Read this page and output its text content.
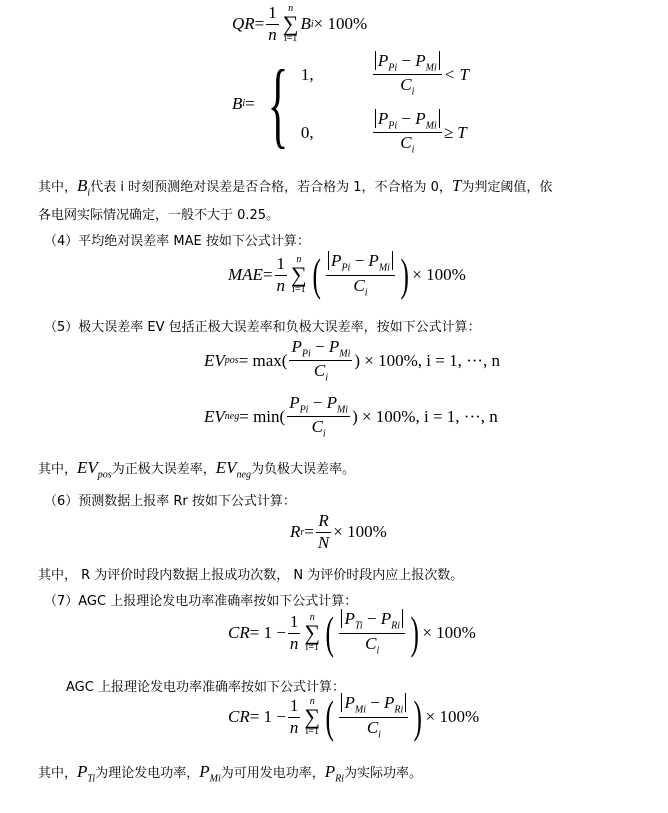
QR = $\frac{1}{n}$ n
∑
i=1
B i × 100%
B i = { 1,	$\frac{P_{Pi} - P_{Mi}}{C_i} < T$
0,	$\frac{P_{Pi} - P_{Mi}}{C_i} \ge T$
其中，$B_i$代表 i 时刻预测绝对误差是否合格，若合格为 1，不合格为 0，T为判定阈值，依
各电网实际情况确定，一般不大于 0.25。
（4）平均绝对误差率 MAE 按如下公式计算：
MAE = $\frac{1}{n}$ n
∑
i=1 ( $\frac{P_{Pi} - P_{Mi}}{C_i}$ ) × 100%
（5）极大误差率 EV 包括正极大误差率和负极大误差率，按如下公式计算：
EV pos = $\max( \frac{P_{Pi} - P_{Mi}}{C_i}$ ) × 100%, i = 1, ···, n
EV neg = $\min( \frac{P_{Pi} - P_{Mi}}{C_i}$ ) × 100%, i = 1, ···, n
其中，$EV_{pos}$为正极大误差率，$EV_{neg}$为负极大误差率。
（6）预测数据上报率 Rr 按如下公式计算：
R $r = \frac{R}{N} \times 100\%$
其中， R 为评价时段内数据上报成功次数， N 为评价时段内应上报次数。
（7）AGC 上报理论发电功率准确率按如下公式计算：
CR = $1 - \frac{1}{n}$ n
∑
i=1 ( $\frac{P_{Ti} - P_{Ri}}{C_i}$ ) × 100%
AGC 上报理论发电功率准确率按如下公式计算：
CR = $1 - \frac{1}{n}$ n
∑
i=1 ( $\frac{P_{Mi} - P_{Ri}}{C_i}$ ) × 100%
其中，$P_{Ti}$为理论发电功率，$P_{Mi}$为可用发电功率，$P_{Ri}$为实际功率。
